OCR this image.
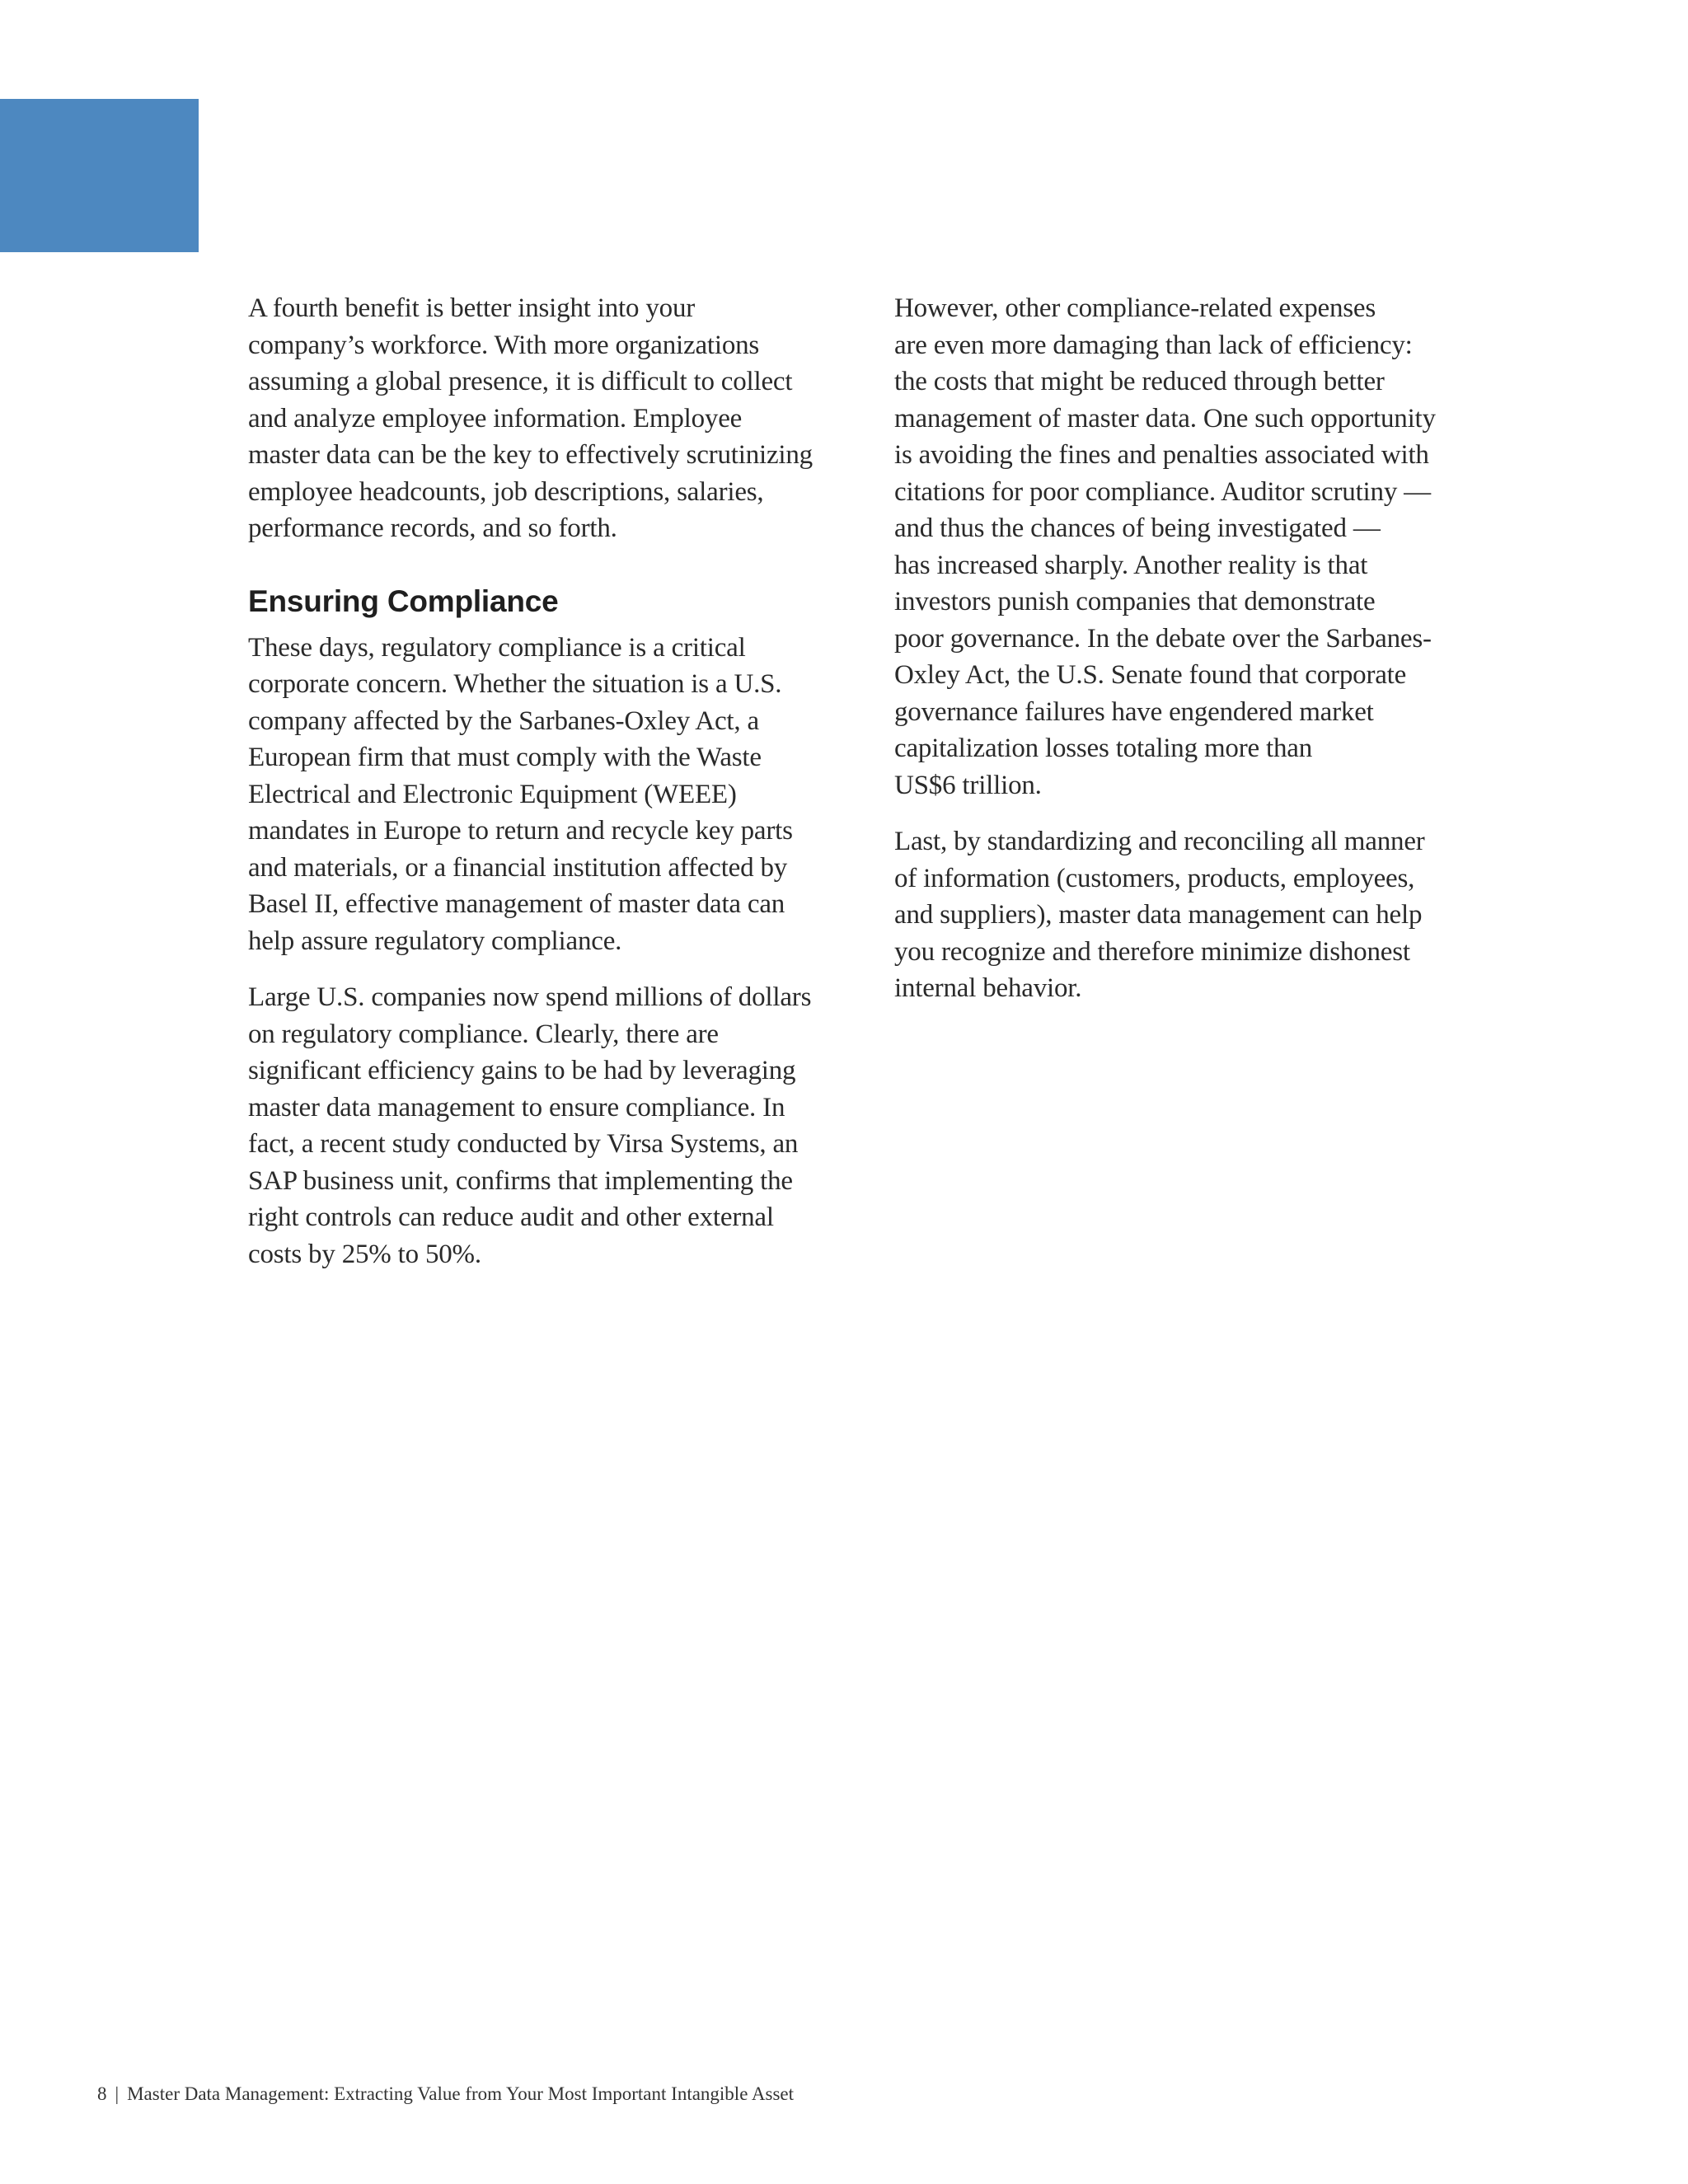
A fourth benefit is better insight into your
company’s workforce. With more organizations
assuming a global presence, it is difficult to collect
and analyze employee information. Employee
master data can be the key to effectively scrutinizing
employee headcounts, job descriptions, salaries,
performance records, and so forth.

Ensuring Compliance

These days, regulatory compliance is a critical
corporate concern. Whether the situation is a U.S.
company affected by the Sarbanes-Oxley Act, a
European firm that must comply with the Waste
Electrical and Electronic Equipment (WEEE)
mandates in Europe to return and recycle key parts
and materials, or a financial institution affected by
Basel II, effective management of master data can
help assure regulatory compliance.

Large U.S. companies now spend millions of dollars
on regulatory compliance. Clearly, there are
significant efficiency gains to be had by leveraging
master data management to ensure compliance. In
fact, a recent study conducted by Virsa Systems, an
SAP business unit, confirms that implementing the
right controls can reduce audit and other external
costs by 25% to 50%.

However, other compliance-related expenses
are even more damaging than lack of efficiency:
the costs that might be reduced through better
management of master data. One such opportunity
is avoiding the fines and penalties associated with
citations for poor compliance. Auditor scrutiny —
and thus the chances of being investigated —
has increased sharply. Another reality is that
investors punish companies that demonstrate
poor governance. In the debate over the Sarbanes-
Oxley Act, the U.S. Senate found that corporate
governance failures have engendered market
capitalization losses totaling more than
US$6 trillion.

Last, by standardizing and reconciling all manner
of information (customers, products, employees,
and suppliers), master data management can help
you recognize and therefore minimize dishonest
internal behavior.

8 | Master Data Management: Extracting Value from Your Most Important Intangible Asset
